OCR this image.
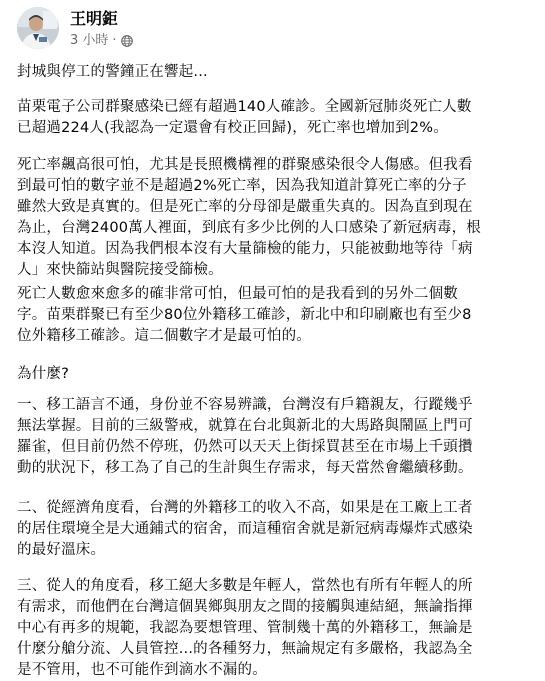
王明鉅
3 小時 ·

封城與停工的警鐘正在響起...

苗栗電子公司群聚感染已經有超過140人確診。全國新冠肺炎死亡人數
已超過224人(我認為一定還會有校正回歸)，死亡率也增加到2%。

死亡率飆高很可怕，尤其是長照機構裡的群聚感染很令人傷感。但我看
到最可怕的數字並不是超過2%死亡率，因為我知道計算死亡率的分子
雖然大致是真實的。但是死亡率的分母卻是嚴重失真的。因為直到現在
為止，台灣2400萬人裡面，到底有多少比例的人口感染了新冠病毒，根
本沒人知道。因為我們根本沒有大量篩檢的能力，只能被動地等待「病
人」來快篩站與醫院接受篩檢。

死亡人數愈來愈多的確非常可怕，但最可怕的是我看到的另外二個數
字。苗栗群聚已有至少80位外籍移工確診，新北中和印刷廠也有至少8
位外籍移工確診。這二個數字才是最可怕的。

為什麼?

一、移工語言不通，身份並不容易辨識，台灣沒有戶籍親友，行蹤幾乎
無法掌握。目前的三級警戒，就算在台北與新北的大馬路與鬧區上門可
羅雀，但目前仍然不停班，仍然可以天天上街採買甚至在市場上千頭攢
動的狀況下，移工為了自己的生計與生存需求，每天當然會繼續移動。

二、從經濟角度看，台灣的外籍移工的收入不高，如果是在工廠上工者
的居住環境全是大通鋪式的宿舍，而這種宿舍就是新冠病毒爆炸式感染
的最好溫床。

三、從人的角度看，移工絕大多數是年輕人，當然也有所有年輕人的所
有需求，而他們在台灣這個異鄉與朋友之間的接觸與連結絕，無論指揮
中心有再多的規範，我認為要想管理、管制幾十萬的外籍移工，無論是
什麼分艙分流、人員管控...的各種努力，無論規定有多嚴格，我認為全
是不管用，也不可能作到滴水不漏的。
